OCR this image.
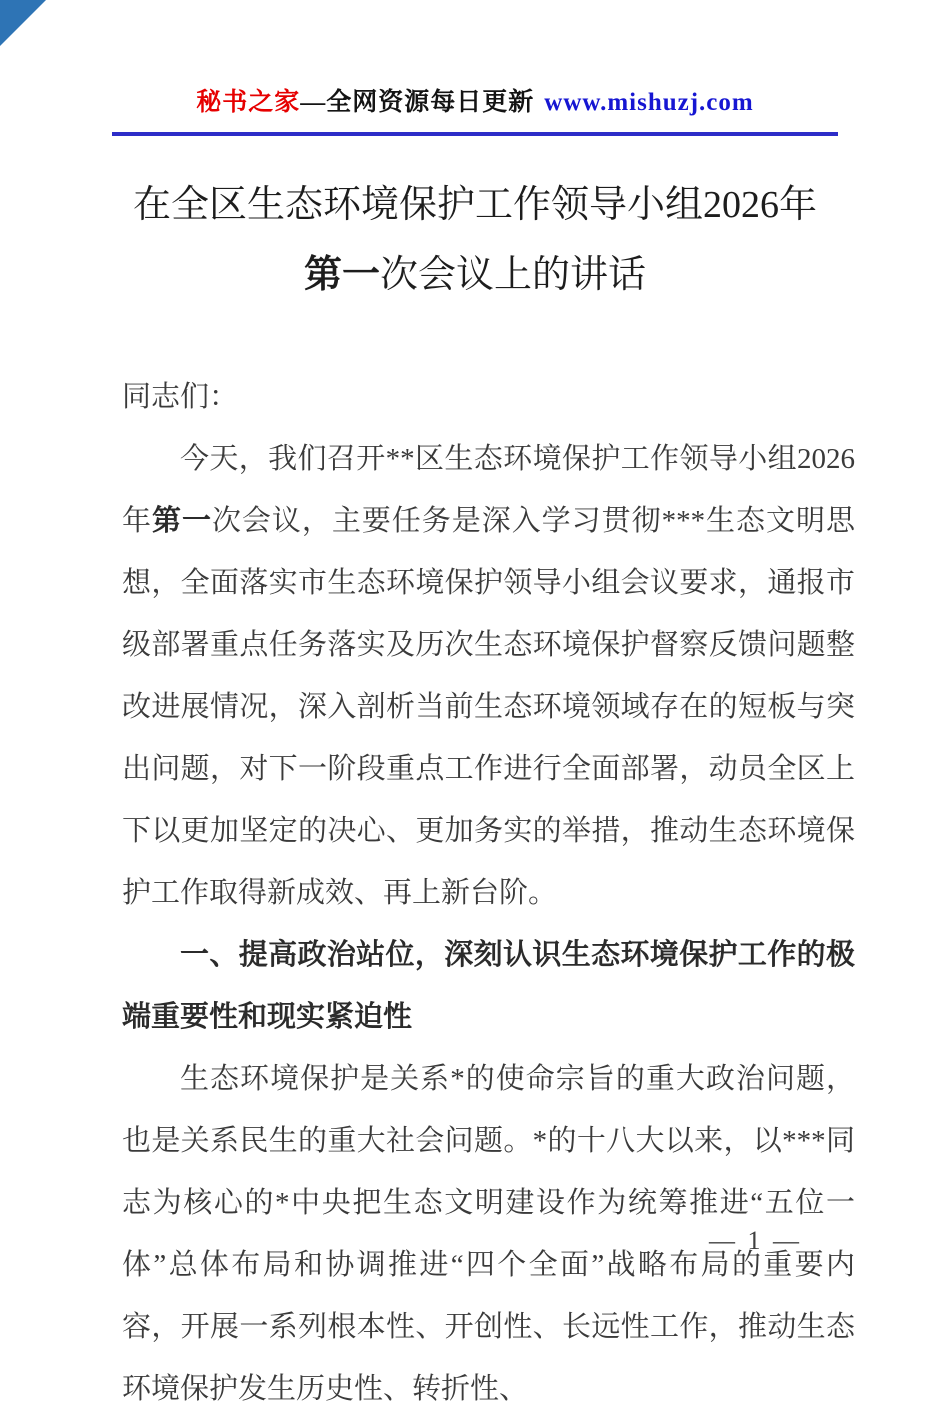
秘书之家—全网资源每日更新 www.mishuzj.com
在全区生态环境保护工作领导小组2026年
第一次会议上的讲话

同志们：

今天，我们召开**区生态环境保护工作领导小组2026年第一次会议，主要任务是深入学习贯彻***生态文明思想，全面落实市生态环境保护领导小组会议要求，通报市级部署重点任务落实及历次生态环境保护督察反馈问题整改进展情况，深入剖析当前生态环境领域存在的短板与突出问题，对下一阶段重点工作进行全面部署，动员全区上下以更加坚定的决心、更加务实的举措，推动生态环境保护工作取得新成效、再上新台阶。

一、提高政治站位，深刻认识生态环境保护工作的极端重要性和现实紧迫性

生态环境保护是关系*的使命宗旨的重大政治问题，也是关系民生的重大社会问题。*的十八大以来，以***同志为核心的*中央把生态文明建设作为统筹推进“五位一体”总体布局和协调推进“四个全面”战略布局的重要内容，开展一系列根本性、开创性、长远性工作，推动生态环境保护发生历史性、转折性、

— 1 —
